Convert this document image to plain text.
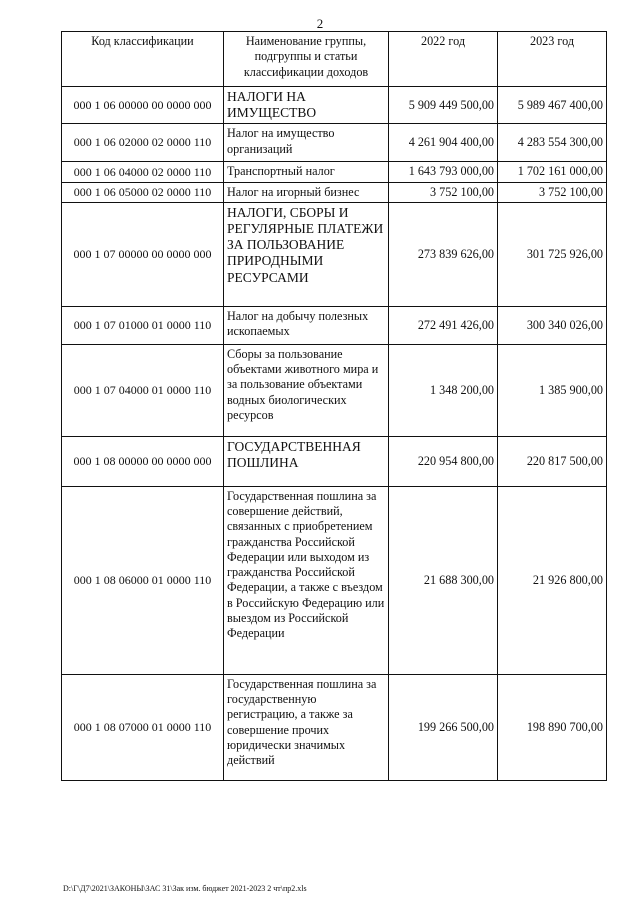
2
Код классификации	Наименование группы, подгруппы и статьи классификации доходов	2022 год	2023 год
000 1 06 00000 00 0000 000	НАЛОГИ НА ИМУЩЕСТВО	5 909 449 500,00	5 989 467 400,00
000 1 06 02000 02 0000 110	Налог на имущество организаций	4 261 904 400,00	4 283 554 300,00
000 1 06 04000 02 0000 110	Транспортный налог	1 643 793 000,00	1 702 161 000,00
000 1 06 05000 02 0000 110	Налог на игорный бизнес	3 752 100,00	3 752 100,00
000 1 07 00000 00 0000 000	НАЛОГИ, СБОРЫ И РЕГУЛЯРНЫЕ ПЛАТЕЖИ ЗА ПОЛЬЗОВАНИЕ ПРИРОДНЫМИ РЕСУРСАМИ	273 839 626,00	301 725 926,00
000 1 07 01000 01 0000 110	Налог на добычу полезных ископаемых	272 491 426,00	300 340 026,00
000 1 07 04000 01 0000 110	Сборы за пользование объектами животного мира и за пользование объектами водных биологических ресурсов	1 348 200,00	1 385 900,00
000 1 08 00000 00 0000 000	ГОСУДАРСТВЕННАЯ ПОШЛИНА	220 954 800,00	220 817 500,00
000 1 08 06000 01 0000 110	Государственная пошлина за совершение действий, связанных с приобретением гражданства Российской Федерации или выходом из гражданства Российской Федерации, а также с въездом в Российскую Федерацию или выездом из Российской Федерации	21 688 300,00	21 926 800,00
000 1 08 07000 01 0000 110	Государственная пошлина за государственную регистрацию, а также за совершение прочих юридически значимых действий	199 266 500,00	198 890 700,00
D:\Г\Д7\2021\ЗАКОНЫ\ЗАС 31\Зак изм. бюджет 2021-2023 2 чт\пр2.xls
